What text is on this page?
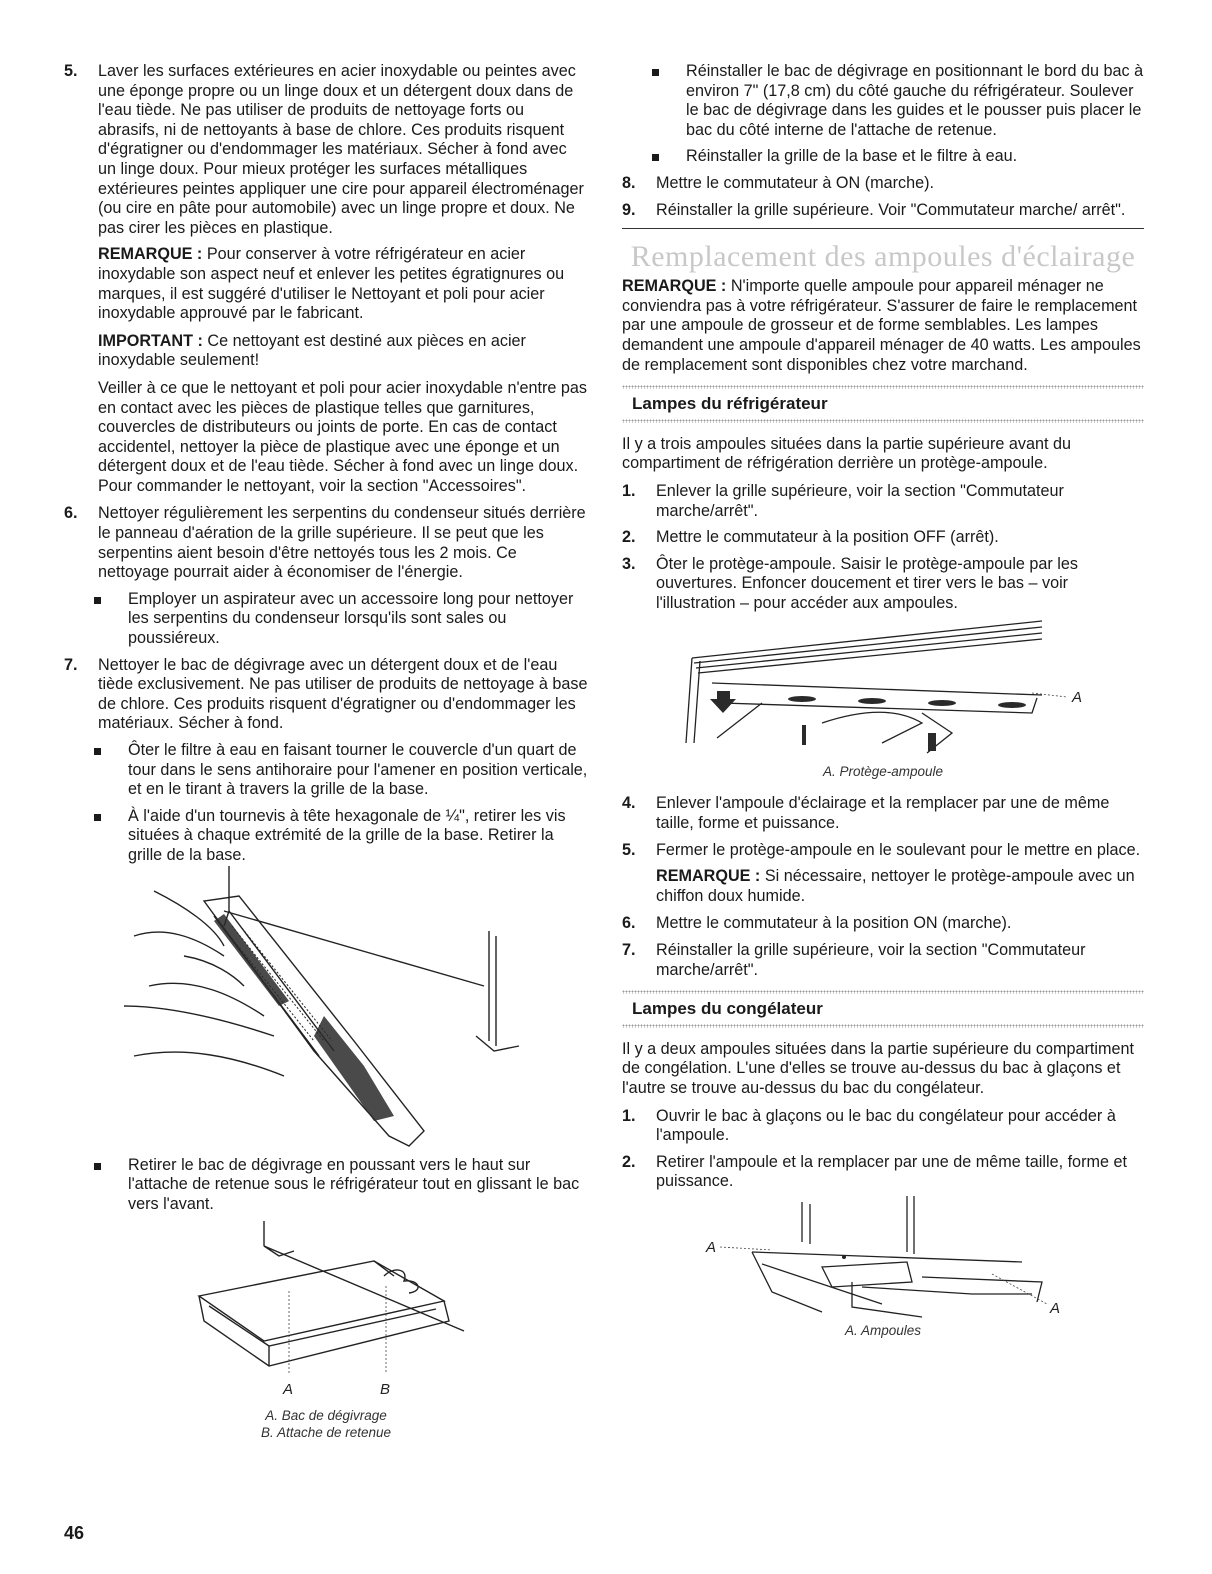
5. Laver les surfaces extérieures en acier inoxydable ou peintes avec une éponge propre ou un linge doux et un détergent doux dans de l'eau tiède. Ne pas utiliser de produits de nettoyage forts ou abrasifs, ni de nettoyants à base de chlore. Ces produits risquent d'égratigner ou d'endommager les matériaux. Sécher à fond avec un linge doux. Pour mieux protéger les surfaces métalliques extérieures peintes appliquer une cire pour appareil électroménager (ou cire en pâte pour automobile) avec un linge propre et doux. Ne pas cirer les pièces en plastique.

REMARQUE : Pour conserver à votre réfrigérateur en acier inoxydable son aspect neuf et enlever les petites égratignures ou marques, il est suggéré d'utiliser le Nettoyant et poli pour acier inoxydable approuvé par le fabricant.

IMPORTANT : Ce nettoyant est destiné aux pièces en acier inoxydable seulement!

Veiller à ce que le nettoyant et poli pour acier inoxydable n'entre pas en contact avec les pièces de plastique telles que garnitures, couvercles de distributeurs ou joints de porte. En cas de contact accidentel, nettoyer la pièce de plastique avec une éponge et un détergent doux et de l'eau tiède. Sécher à fond avec un linge doux. Pour commander le nettoyant, voir la section "Accessoires".

6. Nettoyer régulièrement les serpentins du condenseur situés derrière le panneau d'aération de la grille supérieure. Il se peut que les serpentins aient besoin d'être nettoyés tous les 2 mois. Ce nettoyage pourrait aider à économiser de l'énergie.

Employer un aspirateur avec un accessoire long pour nettoyer les serpentins du condenseur lorsqu'ils sont sales ou poussiéreux.

7. Nettoyer le bac de dégivrage avec un détergent doux et de l'eau tiède exclusivement. Ne pas utiliser de produits de nettoyage à base de chlore. Ces produits risquent d'égratigner ou d'endommager les matériaux. Sécher à fond.

Ôter le filtre à eau en faisant tourner le couvercle d'un quart de tour dans le sens antihoraire pour l'amener en position verticale, et en le tirant à travers la grille de la base.

À l'aide d'un tournevis à tête hexagonale de ¼", retirer les vis situées à chaque extrémité de la grille de la base. Retirer la grille de la base.

Retirer le bac de dégivrage en poussant vers le haut sur l'attache de retenue sous le réfrigérateur tout en glissant le bac vers l'avant.

A	B
A. Bac de dégivrage
B. Attache de retenue

Réinstaller le bac de dégivrage en positionnant le bord du bac à environ 7" (17,8 cm) du côté gauche du réfrigérateur. Soulever le bac de dégivrage dans les guides et le pousser puis placer le bac du côté interne de l'attache de retenue.

Réinstaller la grille de la base et le filtre à eau.

8. Mettre le commutateur à ON (marche).

9. Réinstaller la grille supérieure. Voir "Commutateur marche/ arrêt".

Remplacement des ampoules d'éclairage

REMARQUE : N'importe quelle ampoule pour appareil ménager ne conviendra pas à votre réfrigérateur. S'assurer de faire le remplacement par une ampoule de grosseur et de forme semblables. Les lampes demandent une ampoule d'appareil ménager de 40 watts. Les ampoules de remplacement sont disponibles chez votre marchand.

Lampes du réfrigérateur

Il y a trois ampoules situées dans la partie supérieure avant du compartiment de réfrigération derrière un protège-ampoule.

1. Enlever la grille supérieure, voir la section "Commutateur marche/arrêt".

2. Mettre le commutateur à la position OFF (arrêt).

3. Ôter le protège-ampoule. Saisir le protège-ampoule par les ouvertures. Enfoncer doucement et tirer vers le bas – voir l'illustration – pour accéder aux ampoules.

A
A. Protège-ampoule
4. Enlever l'ampoule d'éclairage et la remplacer par une de même taille, forme et puissance.

5. Fermer le protège-ampoule en le soulevant pour le mettre en place.

REMARQUE : Si nécessaire, nettoyer le protège-ampoule avec un chiffon doux humide.

6. Mettre le commutateur à la position ON (marche).

7. Réinstaller la grille supérieure, voir la section "Commutateur marche/arrêt".

Lampes du congélateur

Il y a deux ampoules situées dans la partie supérieure du compartiment de congélation. L'une d'elles se trouve au-dessus du bac à glaçons et l'autre se trouve au-dessus du bac du congélateur.

1. Ouvrir le bac à glaçons ou le bac du congélateur pour accéder à l'ampoule.

2. Retirer l'ampoule et la remplacer par une de même taille, forme et puissance.

A
A
A. Ampoules
46
